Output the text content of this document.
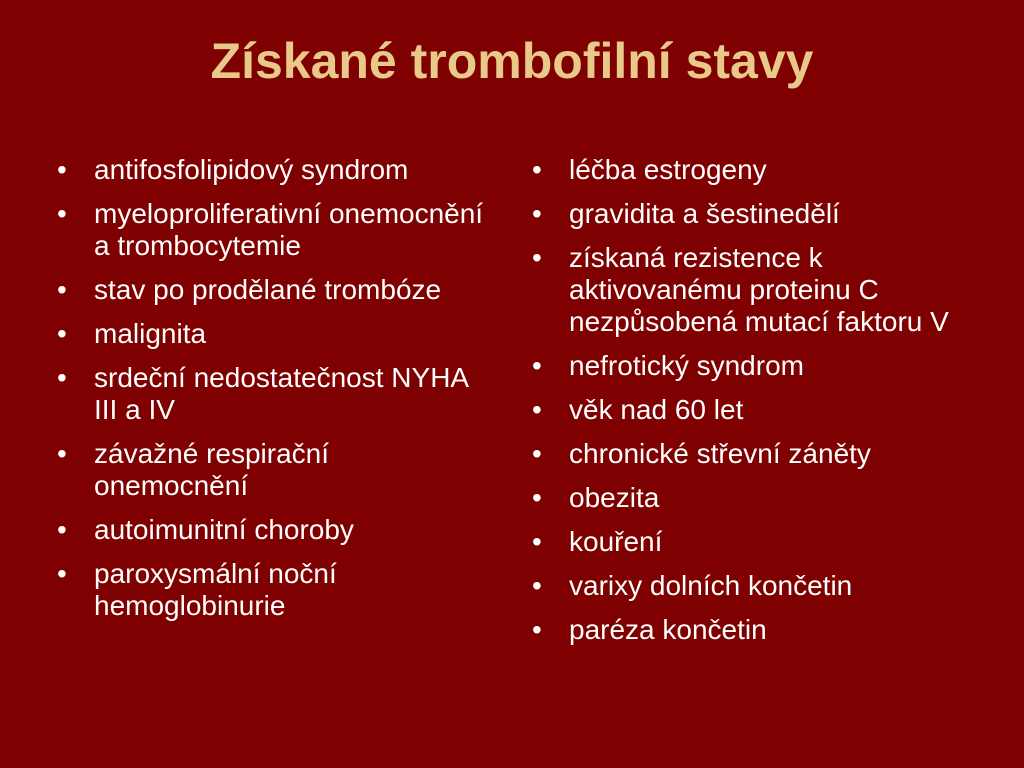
Získané trombofilní stavy
• antifosfolipidový syndrom
• myeloproliferativní onemocnění a trombocytemie
• stav po prodělané trombóze
• malignita
• srdeční nedostatečnost NYHA III a IV
• závažné respirační onemocnění
• autoimunitní choroby
• paroxysmální noční hemoglobinurie
• léčba estrogeny
• gravidita a šestinedělí
• získaná rezistence k aktivovanému proteinu C nezpůsobená mutací faktoru V
• nefrotický syndrom
• věk nad 60 let
• chronické střevní záněty
• obezita
• kouření
• varixy dolních končetin
• paréza končetin
